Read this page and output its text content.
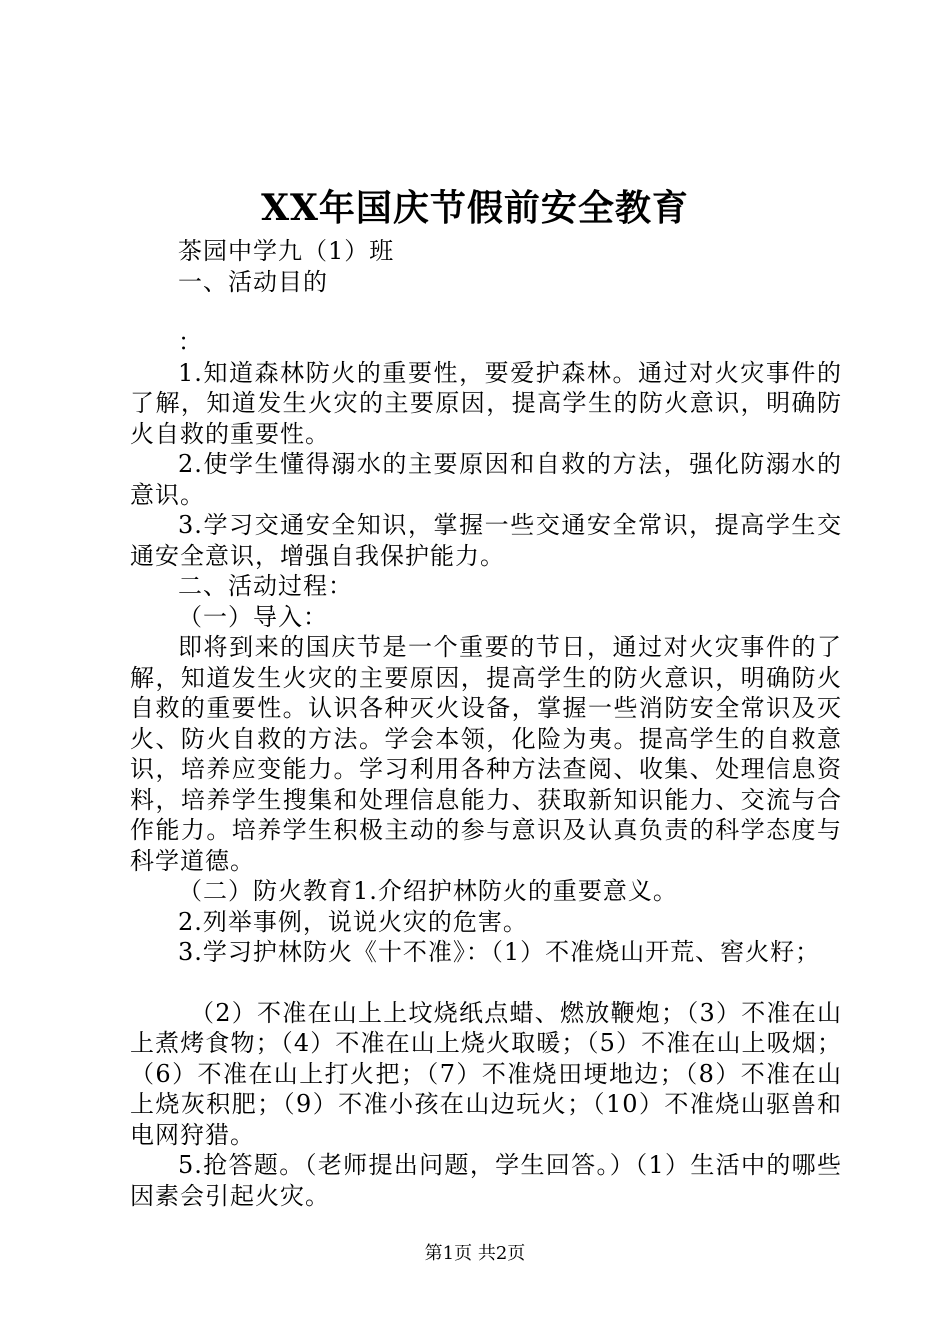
XX年国庆节假前安全教育

茶园中学九（1）班

一、活动目的

：

1.知道森林防火的重要性，要爱护森林。通过对火灾事件的了解，知道发生火灾的主要原因，提高学生的防火意识，明确防火自救的重要性。

2.使学生懂得溺水的主要原因和自救的方法，强化防溺水的意识。

3.学习交通安全知识，掌握一些交通安全常识，提高学生交通安全意识，增强自我保护能力。

二、活动过程：

（一）导入：

即将到来的国庆节是一个重要的节日，通过对火灾事件的了解，知道发生火灾的主要原因，提高学生的防火意识，明确防火自救的重要性。认识各种灭火设备，掌握一些消防安全常识及灭火、防火自救的方法。学会本领，化险为夷。提高学生的自救意识，培养应变能力。学习利用各种方法查阅、收集、处理信息资料，培养学生搜集和处理信息能力、获取新知识能力、交流与合作能力。培养学生积极主动的参与意识及认真负责的科学态度与科学道德。

（二）防火教育1.介绍护林防火的重要意义。

2.列举事例，说说火灾的危害。

3.学习护林防火《十不准》：（1）不准烧山开荒、窖火籽；

（2）不准在山上上坟烧纸点蜡、燃放鞭炮；（3）不准在山上煮烤食物；（4）不准在山上烧火取暖；（5）不准在山上吸烟；（6）不准在山上打火把；（7）不准烧田埂地边；（8）不准在山上烧灰积肥；（9）不准小孩在山边玩火；（10）不准烧山驱兽和电网狩猎。

5.抢答题。（老师提出问题，学生回答。）（1）生活中的哪些因素会引起火灾。

第1页 共2页
